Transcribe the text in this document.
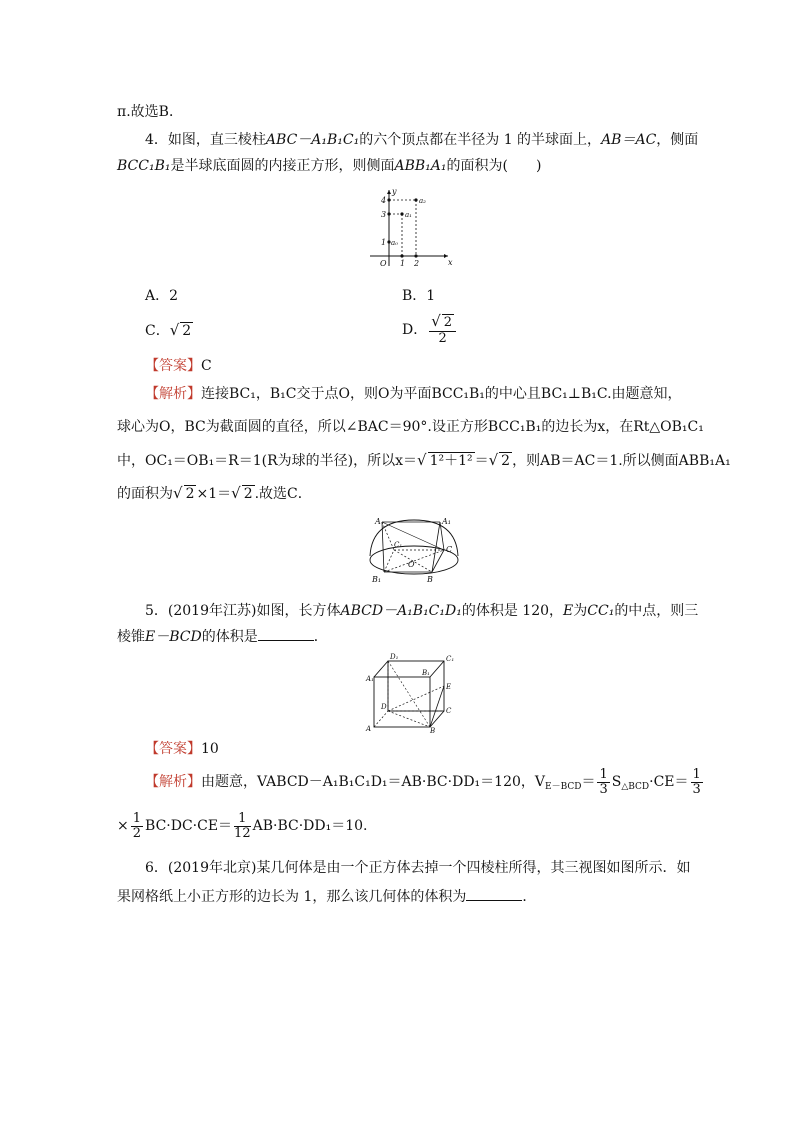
π.故选B．
4．如图，直三棱柱ABC－A₁B₁C₁的六个顶点都在半径为 1 的半球面上，AB＝AC，侧面
BCC₁B₁是半球底面圆的内接正方形，则侧面ABB₁A₁的面积为(　　)
y
x
O
4
3
1
1 2
a₂
a₁
a₀
A．2	B．1
C．√ 2	D． $\frac{√ 2}{2}$
【答案】C
【解析】连接BC₁，B₁C交于点O，则O为平面BCC₁B₁的中心且BC₁⊥B₁C.由题意知，
球心为O，BC为截面圆的直径，所以∠BAC＝90°.设正方形BCC₁B₁的边长为x，在Rt△OB₁C₁
中，OC₁＝OB₁＝R＝1(R为球的半径)，所以x＝√ 1²＋1² ＝√ 2 ，则AB＝AC＝1.所以侧面ABB₁A₁
的面积为√ 2 ×1＝√ 2 .故选C．
A	A₁
C₁	C
O
B₁	B
5．(2019年江苏)如图，长方体ABCD－A₁B₁C₁D₁的体积是 120，E为CC₁的中点，则三
棱锥E－BCD的体积是	．
D₁	C₁
A₁
B₁
E
D	C
A	B
【答案】10
【解析】由题意，VABCD－A₁B₁C₁D₁＝AB·BC·DD₁＝120，$V_{E-BCD}= \frac{1}{3} S_{\triangle BCD}\cdot CE= \frac{1}{3}$
× $\frac{1}{2} BC\cdot DC\cdot CE= \frac{1}{12} AB\cdot BC\cdot DD_1=10$.
6．(2019年北京)某几何体是由一个正方体去掉一个四棱柱所得，其三视图如图所示．如
果网格纸上小正方形的边长为 1，那么该几何体的体积为	．
